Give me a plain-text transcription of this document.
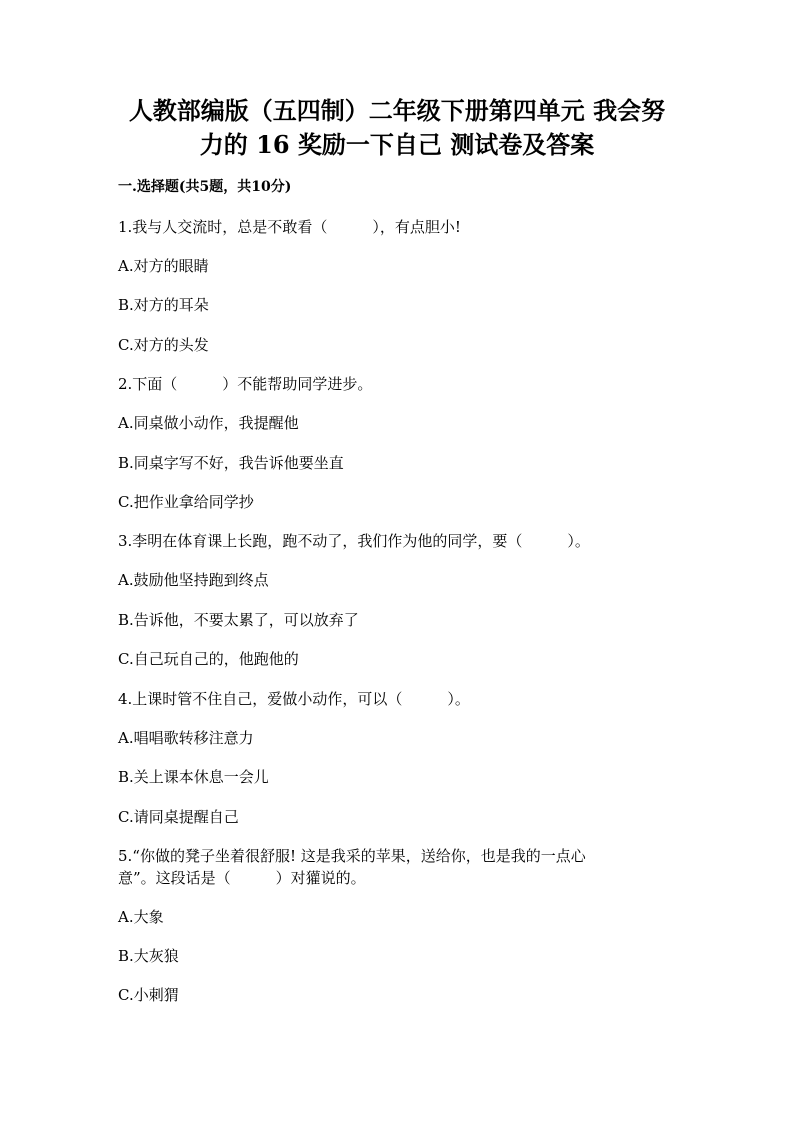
人教部编版（五四制）二年级下册第四单元 我会努
力的 16 奖励一下自己 测试卷及答案

一.选择题(共5题，共10分)

1.我与人交流时，总是不敢看（　　　），有点胆小!

A.对方的眼睛

B.对方的耳朵

C.对方的头发

2.下面（　　　）不能帮助同学进步。

A.同桌做小动作，我提醒他

B.同桌字写不好，我告诉他要坐直

C.把作业拿给同学抄

3.李明在体育课上长跑，跑不动了，我们作为他的同学，要（　　　）。

A.鼓励他坚持跑到终点

B.告诉他，不要太累了，可以放弃了

C.自己玩自己的，他跑他的

4.上课时管不住自己，爱做小动作，可以（　　　）。

A.唱唱歌转移注意力

B.关上课本休息一会儿

C.请同桌提醒自己

5.“你做的凳子坐着很舒服! 这是我采的苹果，送给你，也是我的一点心

意”。这段话是（　　　）对獾说的。

A.大象

B.大灰狼

C.小刺猬
